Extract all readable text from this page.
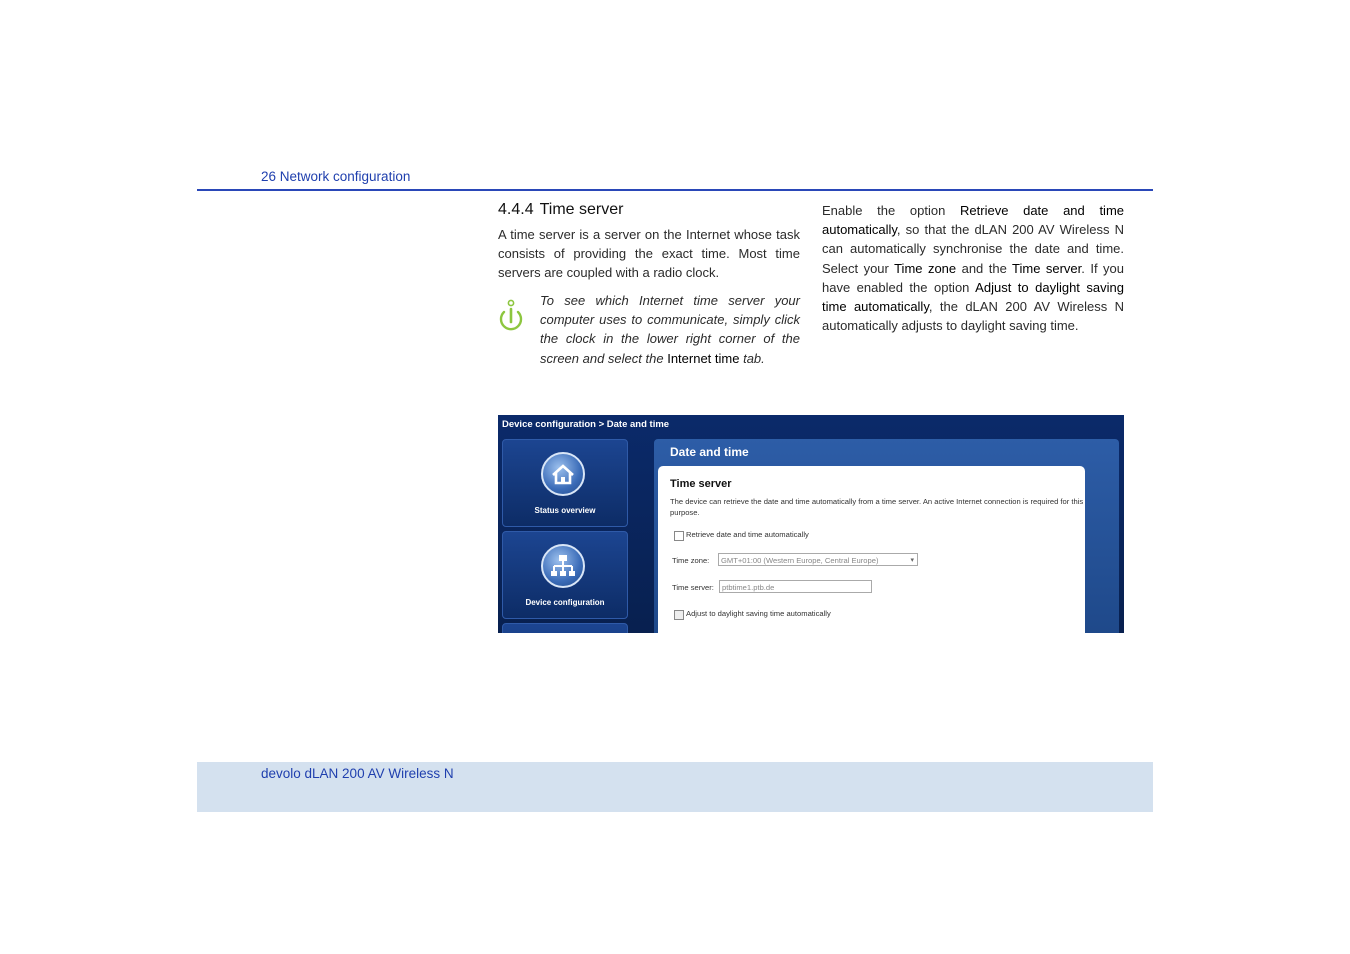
26 Network configuration
4.4.4 Time server
A time server is a server on the Internet whose task consists of providing the exact time. Most time servers are coupled with a radio clock.
To see which Internet time server your computer uses to communicate, simply click the clock in the lower right corner of the screen and select the Internet time tab.
Enable the option Retrieve date and time automatically, so that the dLAN 200 AV Wireless N can automatically synchronise the date and time. Select your Time zone and the Time server. If you have enabled the option Adjust to daylight saving time automatically, the dLAN 200 AV Wireless N automatically adjusts to daylight saving time.
Device configuration > Date and time
Status overview
Device configuration
Date and time
Time server
The device can retrieve the date and time automatically from a time server. An active Internet connection is required for this purpose.
Retrieve date and time automatically
Time zone:	GMT+01:00 (Western Europe, Central Europe)	▾
Time server:	ptbtime1.ptb.de
Adjust to daylight saving time automatically
devolo dLAN 200 AV Wireless N
